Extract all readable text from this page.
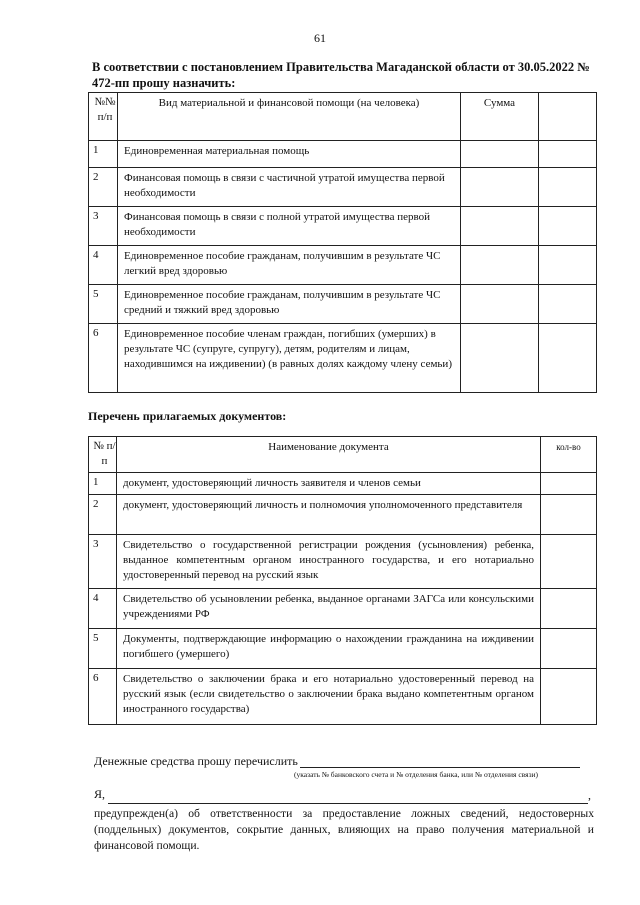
61
В соответствии с постановлением Правительства Магаданской области от 30.05.2022 № 472-пп прошу назначить:
№№ п/п	Вид материальной и финансовой помощи (на человека)	Сумма	
1	Единовременная материальная помощь		
2	Финансовая помощь в связи с частичной утратой имущества первой необходимости		
3	Финансовая помощь в связи с полной утратой имущества первой необходимости		
4	Единовременное пособие гражданам, получившим в результате ЧС легкий вред здоровью		
5	Единовременное пособие гражданам, получившим в результате ЧС средний и тяжкий вред здоровью		
6	Единовременное пособие членам граждан, погибших (умерших) в результате ЧС (супруге, супругу), детям, родителям и лицам, находившимся на иждивении) (в равных долях каждому члену семьи)		
Перечень прилагаемых документов:
№ п/п	Наименование документа	кол-во
1	документ, удостоверяющий личность заявителя и членов семьи	
2	документ, удостоверяющий личность и полномочия уполномоченного представителя	
3	Свидетельство о государственной регистрации рождения (усыновления) ребенка, выданное компетентным органом иностранного государства, и его нотариально удостоверенный перевод на русский язык	
4	Свидетельство об усыновлении ребенка, выданное органами ЗАГСа или консульскими учреждениями РФ	
5	Документы, подтверждающие информацию о нахождении гражданина на иждивении погибшего (умершего)	
6	Свидетельство о заключении брака и его нотариально удостоверенный перевод на русский язык (если свидетельство о заключении брака выдано компетентным органом иностранного государства)	
Денежные средства прошу перечислить
(указать № банковского счета и № отделения банка, или № отделения связи)
Я,	,
предупрежден(а) об ответственности за предоставление ложных сведений, недостоверных (поддельных) документов, сокрытие данных, влияющих на право получения материальной и финансовой помощи.
